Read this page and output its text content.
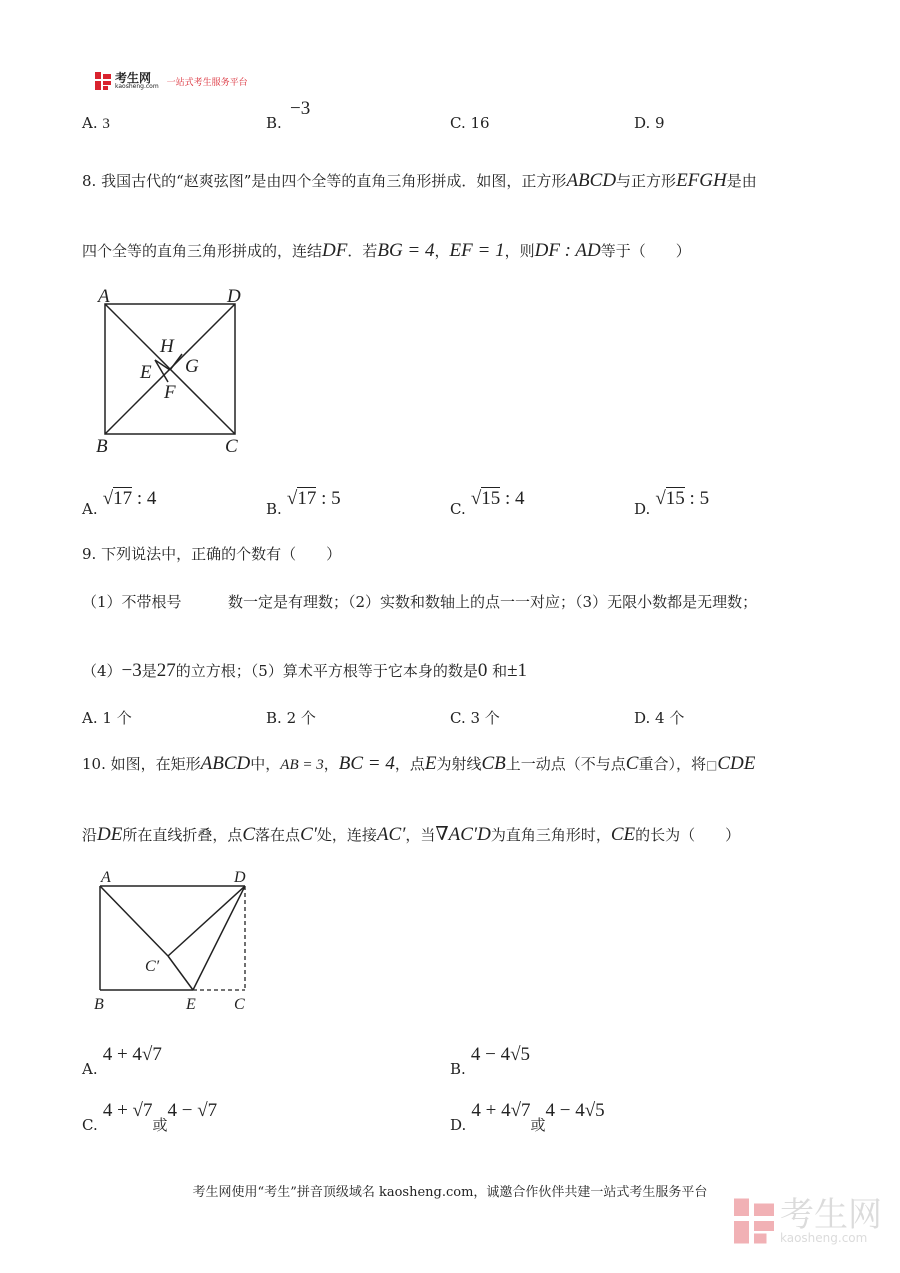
考生网
kaosheng.com 一站式考生服务平台
A. 3	B.
−3
C. 16	D. 9
8. 我国古代的“赵爽弦图”是由四个全等的直角三角形拼成．如图，正方形ABCD与正方形EFGH是由
四个全等的直角三角形拼成的，连结DF．若BG = 4，EF = 1，则DF : AD等于（　　）
A	D
B	C
H
E G
F
A. √17 : 4	B. √17 : 5	C. √15 : 4	D. √15 : 5
9. 下列说法中，正确的个数有（　　）
（1）不带根号	数一定是有理数；（2）实数和数轴上的点一一对应；（3）无限小数都是无理数；
（4）−3是27的立方根；（5）算术平方根等于它本身的数是0 和±1
A. 1 个	B. 2 个	C. 3 个	D. 4 个
10. 如图，在矩形ABCD中，AB = 3，BC = 4，点E为射线CB上一动点（不与点C重合），将□CDE
沿DE所在直线折叠，点C落在点C′处，连接AC′，当∇AC′D为直角三角形时，CE的长为（　　）
A	D
B	E C
C′
A. 4 + 4√7
B. 4 − 4√5
C. 4 + √7或4 − √7
D. 4 + 4√7或4 − 4√5
考生网使用“考生”拼音顶级域名 kaosheng.com，诚邀合作伙伴共建一站式考生服务平台
考生网
kaosheng.com
